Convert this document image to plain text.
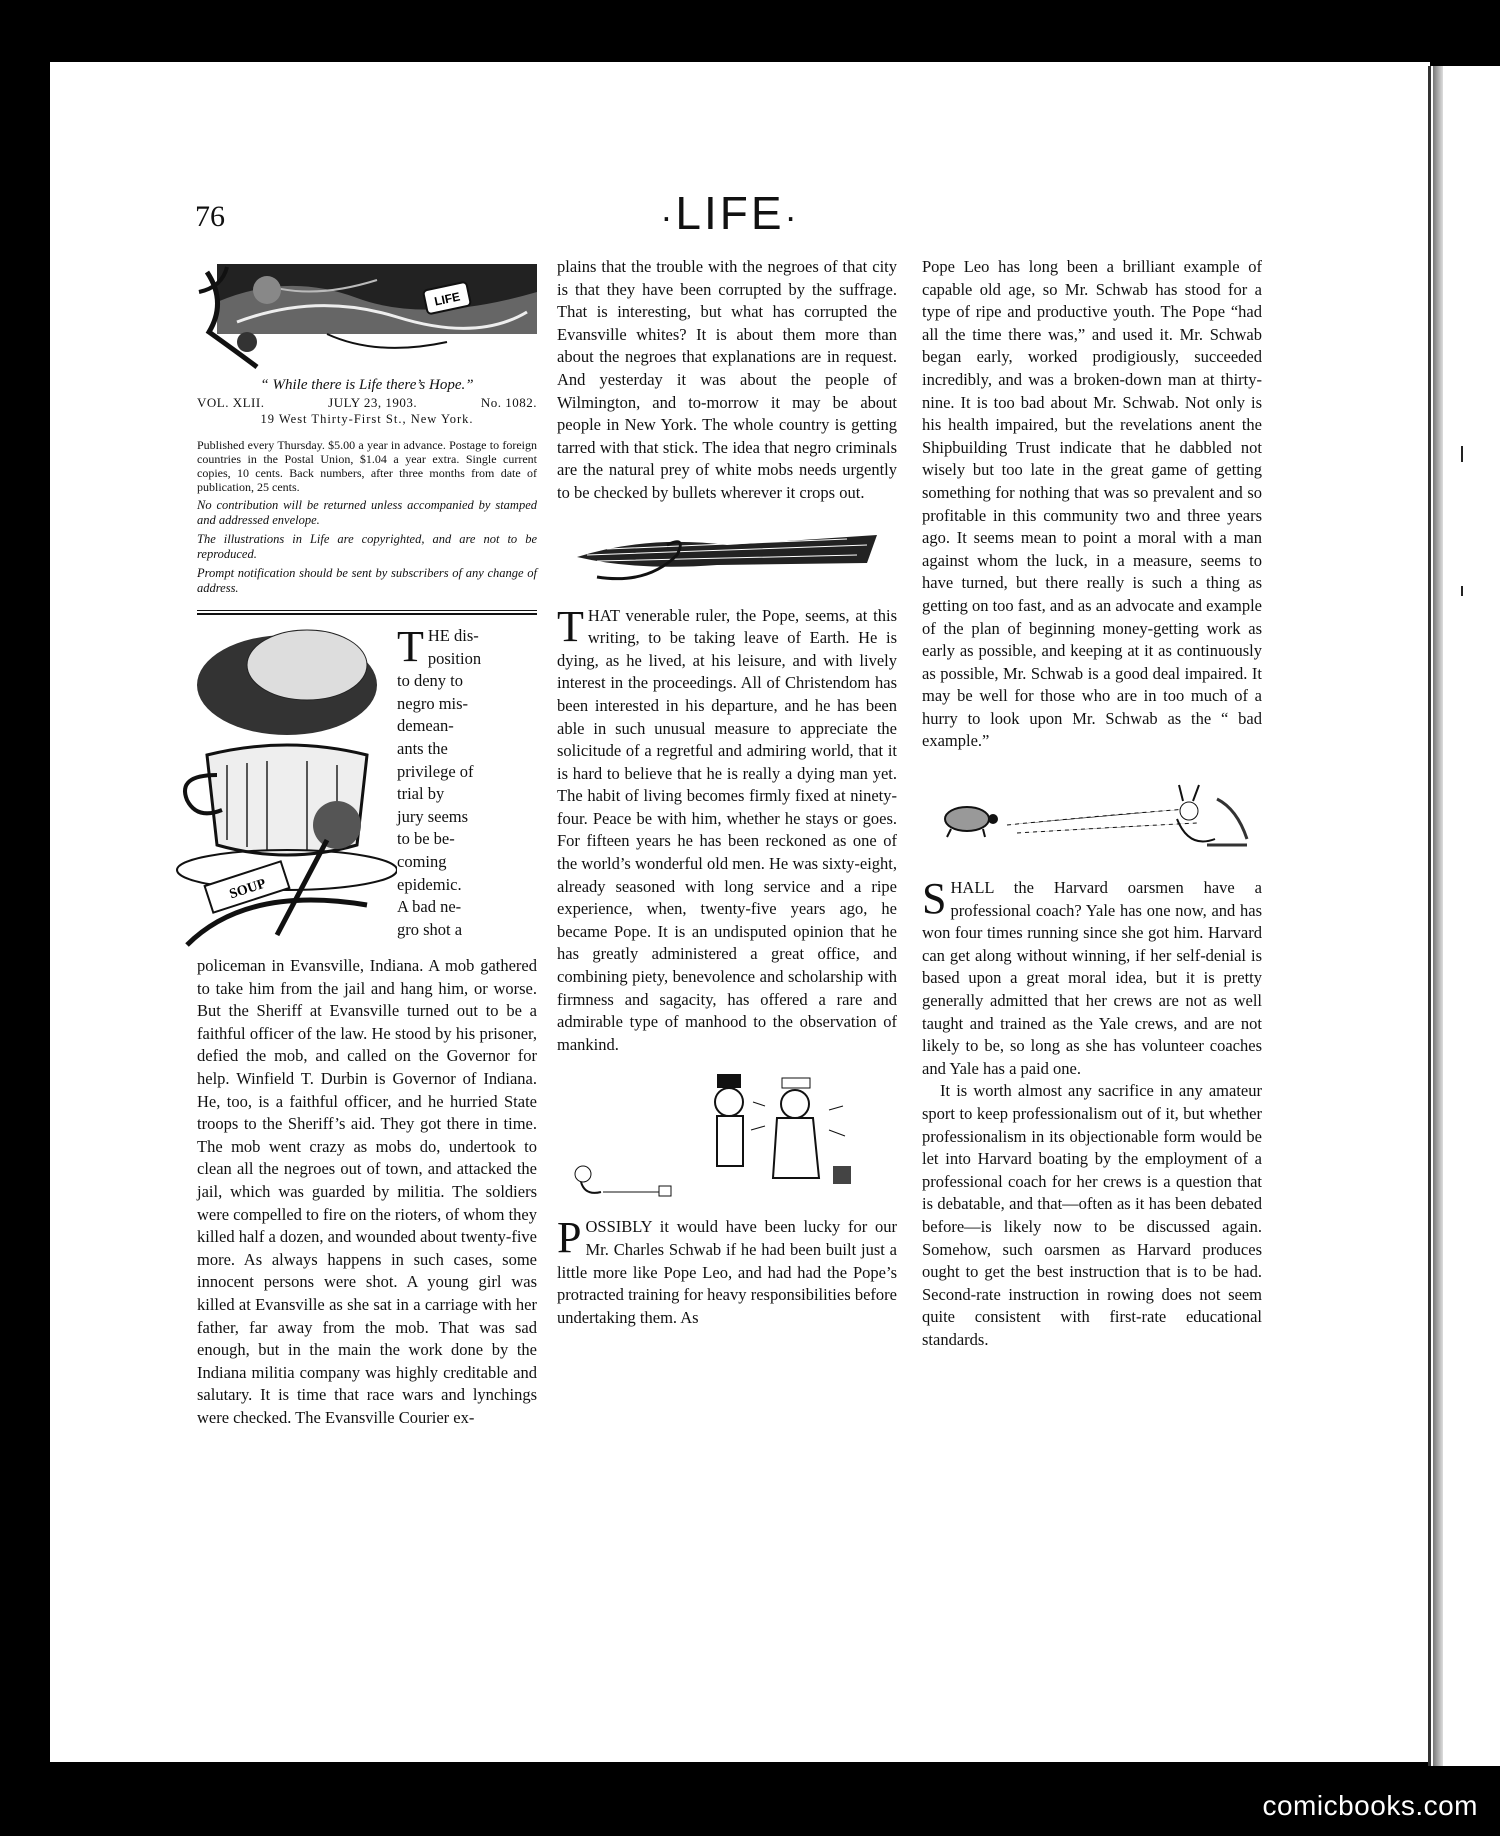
76	·LIFE·
LIFE
“ While there is Life there’s Hope.”
VOL. XLII.	JULY 23, 1903.	No. 1082.
19 West Thirty-First St., New York.
Published every Thursday. $5.00 a year in advance. Postage to foreign countries in the Postal Union, $1.04 a year extra. Single current copies, 10 cents. Back numbers, after three months from date of publication, 25 cents.
No contribution will be returned unless accompanied by stamped and addressed envelope.
The illustrations in Life are copyrighted, and are not to be reproduced.
Prompt notification should be sent by subscribers of any change of address.
SOUP
T HE dis-
position
to deny to
negro mis-
demean-
ants the
privilege of
trial by
jury seems
to be be-
coming
epidemic.
A bad ne-
gro shot a

policeman in Evansville, Indiana. A mob gathered to take him from the jail and hang him, or worse. But the Sheriff at Evansville turned out to be a faithful officer of the law. He stood by his prisoner, defied the mob, and called on the Governor for help. Winfield T. Durbin is Governor of Indiana. He, too, is a faithful officer, and he hurried State troops to the Sheriff’s aid. They got there in time. The mob went crazy as mobs do, undertook to clean all the negroes out of town, and attacked the jail, which was guarded by militia. The soldiers were compelled to fire on the rioters, of whom they killed half a dozen, and wounded about twenty-five more. As always happens in such cases, some innocent persons were shot. A young girl was killed at Evansville as she sat in a carriage with her father, far away from the mob. That was sad enough, but in the main the work done by the Indiana militia company was highly creditable and salutary. It is time that race wars and lynchings were checked. The Evansville Courier ex-

plains that the trouble with the negroes of that city is that they have been corrupted by the suffrage. That is interesting, but what has corrupted the Evansville whites? It is about them more than about the negroes that explanations are in request. And yesterday it was about the people of Wilmington, and to-morrow it may be about people in New York. The whole country is getting tarred with that stick. The idea that negro criminals are the natural prey of white mobs needs urgently to be checked by bullets wherever it crops out.

THAT venerable ruler, the Pope, seems, at this writing, to be taking leave of Earth. He is dying, as he lived, at his leisure, and with lively interest in the proceedings. All of Christendom has been interested in his departure, and he has been able in such unusual measure to appreciate the solicitude of a regretful and admiring world, that it is hard to believe that he is really a dying man yet. The habit of living becomes firmly fixed at ninety-four. Peace be with him, whether he stays or goes. For fifteen years he has been reckoned as one of the world’s wonderful old men. He was sixty-eight, already seasoned with long service and a ripe experience, when, twenty-five years ago, he became Pope. It is an undisputed opinion that he has greatly administered a great office, and combining piety, benevolence and scholarship with firmness and sagacity, has offered a rare and admirable type of manhood to the observation of mankind.

POSSIBLY it would have been lucky for our Mr. Charles Schwab if he had been built just a little more like Pope Leo, and had had the Pope’s protracted training for heavy responsibilities before undertaking them. As

Pope Leo has long been a brilliant example of capable old age, so Mr. Schwab has stood for a type of ripe and productive youth. The Pope “had all the time there was,” and used it. Mr. Schwab began early, worked prodigiously, succeeded incredibly, and was a broken-down man at thirty-nine. It is too bad about Mr. Schwab. Not only is his health impaired, but the revelations anent the Shipbuilding Trust indicate that he dabbled not wisely but too late in the great game of getting something for nothing that was so prevalent and so profitable in this community two and three years ago. It seems mean to point a moral with a man against whom the luck, in a measure, seems to have turned, but there really is such a thing as getting on too fast, and as an advocate and example of the plan of beginning money-getting work as early as possible, and keeping at it as continuously as possible, Mr. Schwab is a good deal impaired. It may be well for those who are in too much of a hurry to look upon Mr. Schwab as the “ bad example.”

SHALL the Harvard oarsmen have a professional coach? Yale has one now, and has won four times running since she got him. Harvard can get along without winning, if her self-denial is based upon a great moral idea, but it is pretty generally admitted that her crews are not as well taught and trained as the Yale crews, and are not likely to be, so long as she has volunteer coaches and Yale has a paid one.

It is worth almost any sacrifice in any amateur sport to keep professionalism out of it, but whether professionalism in its objectionable form would be let into Harvard boating by the employment of a professional coach for her crews is a question that is debatable, and that—often as it has been debated before—is likely now to be discussed again. Somehow, such oarsmen as Harvard produces ought to get the best instruction that is to be had. Second-rate instruction in rowing does not seem quite consistent with first-rate educational standards.

comicbooks.com
